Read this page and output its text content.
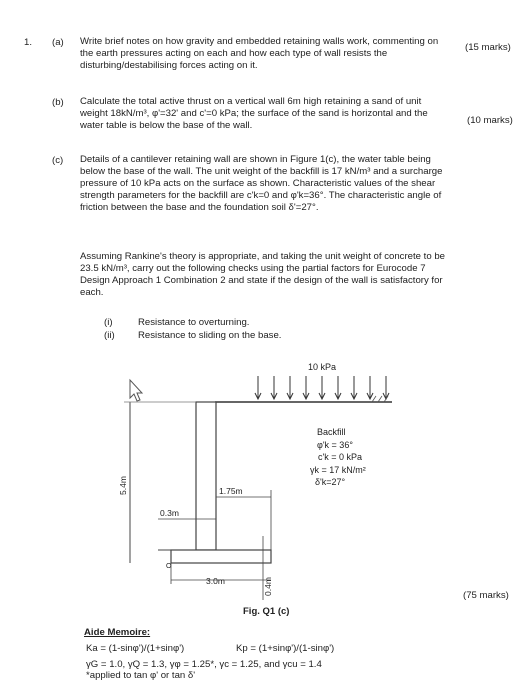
1. (a) Write brief notes on how gravity and embedded retaining walls work, commenting on the earth pressures acting on each and how each type of wall resists the disturbing/destabilising forces acting on it.
(15 marks)
(b) Calculate the total active thrust on a vertical wall 6m high retaining a sand of unit weight 18kN/m³, φ'=32' and c'=0 kPa; the surface of the sand is horizontal and the water table is below the base of the wall.	(10 marks)
(c) Details of a cantilever retaining wall are shown in Figure 1(c), the water table being below the base of the wall. The unit weight of the backfill is 17 kN/m³ and a surcharge pressure of 10 kPa acts on the surface as shown. Characteristic values of the shear strength parameters for the backfill are c'k=0 and φ'k=36°. The characteristic angle of friction between the base and the foundation soil δ'=27°.
Assuming Rankine's theory is appropriate, and taking the unit weight of concrete to be 23.5 kN/m³, carry out the following checks using the partial factors for Eurocode 7 Design Approach 1 Combination 2 and state if the design of the wall is satisfactory for each.
(i)	Resistance to overturning.
(ii) Resistance to sliding on the base.
10 kPa
5.4m	1.75m
0.3m
3.0m	0.4m
O
Backfill
φ'k = 36°
c'k = 0 kPa
γk = 17 kN/m²
δ'k=27°
Fig. Q1 (c)
(75 marks)
Aide Memoire:
Ka = (1-sinφ')/(1+sinφ')	Kp = (1+sinφ')/(1-sinφ')
γG = 1.0, γQ = 1.3, γφ = 1.25*, γc = 1.25, and γcu = 1.4
*applied to tan φ' or tan δ'
